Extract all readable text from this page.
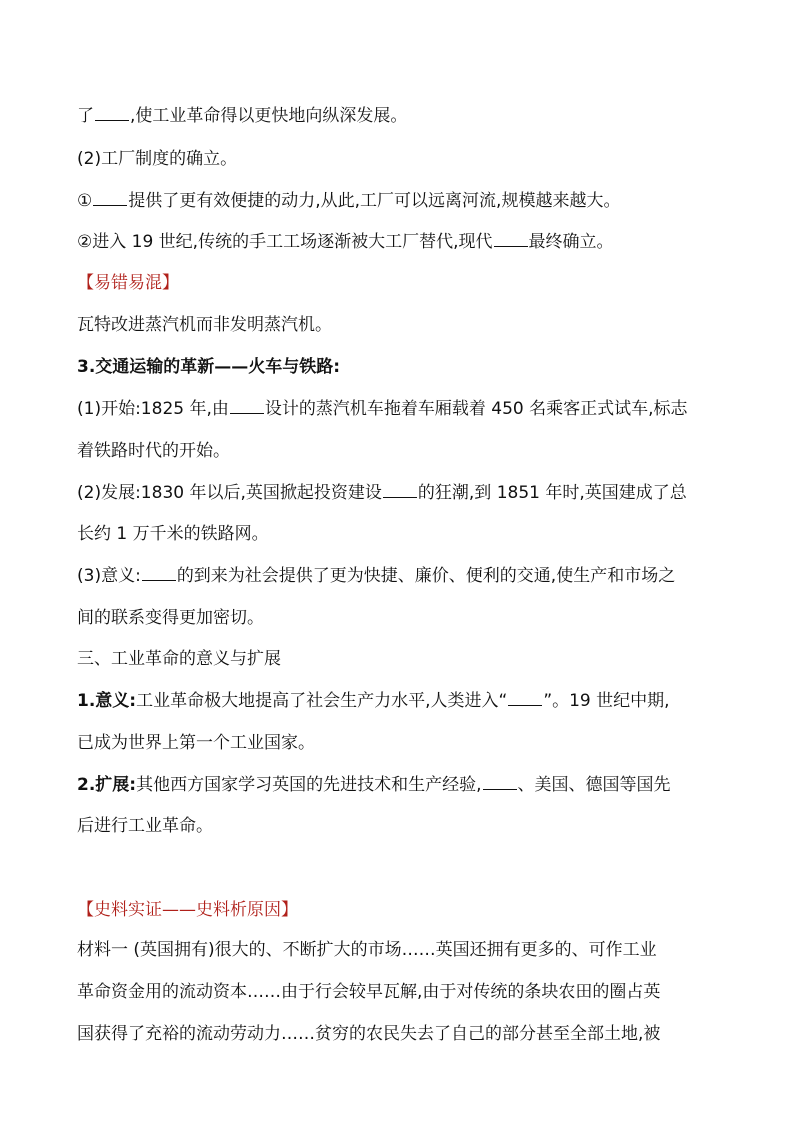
了 ,使工业革命得以更快地向纵深发展。
(2)工厂制度的确立。
① 提供了更有效便捷的动力,从此,工厂可以远离河流,规模越来越大。
②进入 19 世纪,传统的手工工场逐渐被大工厂替代,现代 最终确立。
【易错易混】
瓦特改进蒸汽机而非发明蒸汽机。
3.交通运输的革新——火车与铁路:
(1)开始:1825 年,由 设计的蒸汽机车拖着车厢载着 450 名乘客正式试车,标志
着铁路时代的开始。
(2)发展:1830 年以后,英国掀起投资建设 的狂潮,到 1851 年时,英国建成了总
长约 1 万千米的铁路网。
(3)意义: 的到来为社会提供了更为快捷、廉价、便利的交通,使生产和市场之
间的联系变得更加密切。
三、工业革命的意义与扩展
1.意义:工业革命极大地提高了社会生产力水平,人类进入“ ”。19 世纪中期,
已成为世界上第一个工业国家。
2.扩展:其他西方国家学习英国的先进技术和生产经验, 、美国、德国等国先
后进行工业革命。
【史料实证——史料析原因】
材料一 (英国拥有)很大的、不断扩大的市场……英国还拥有更多的、可作工业
革命资金用的流动资本……由于行会较早瓦解,由于对传统的条块农田的圈占英
国获得了充裕的流动劳动力……贫穷的农民失去了自己的部分甚至全部土地,被
